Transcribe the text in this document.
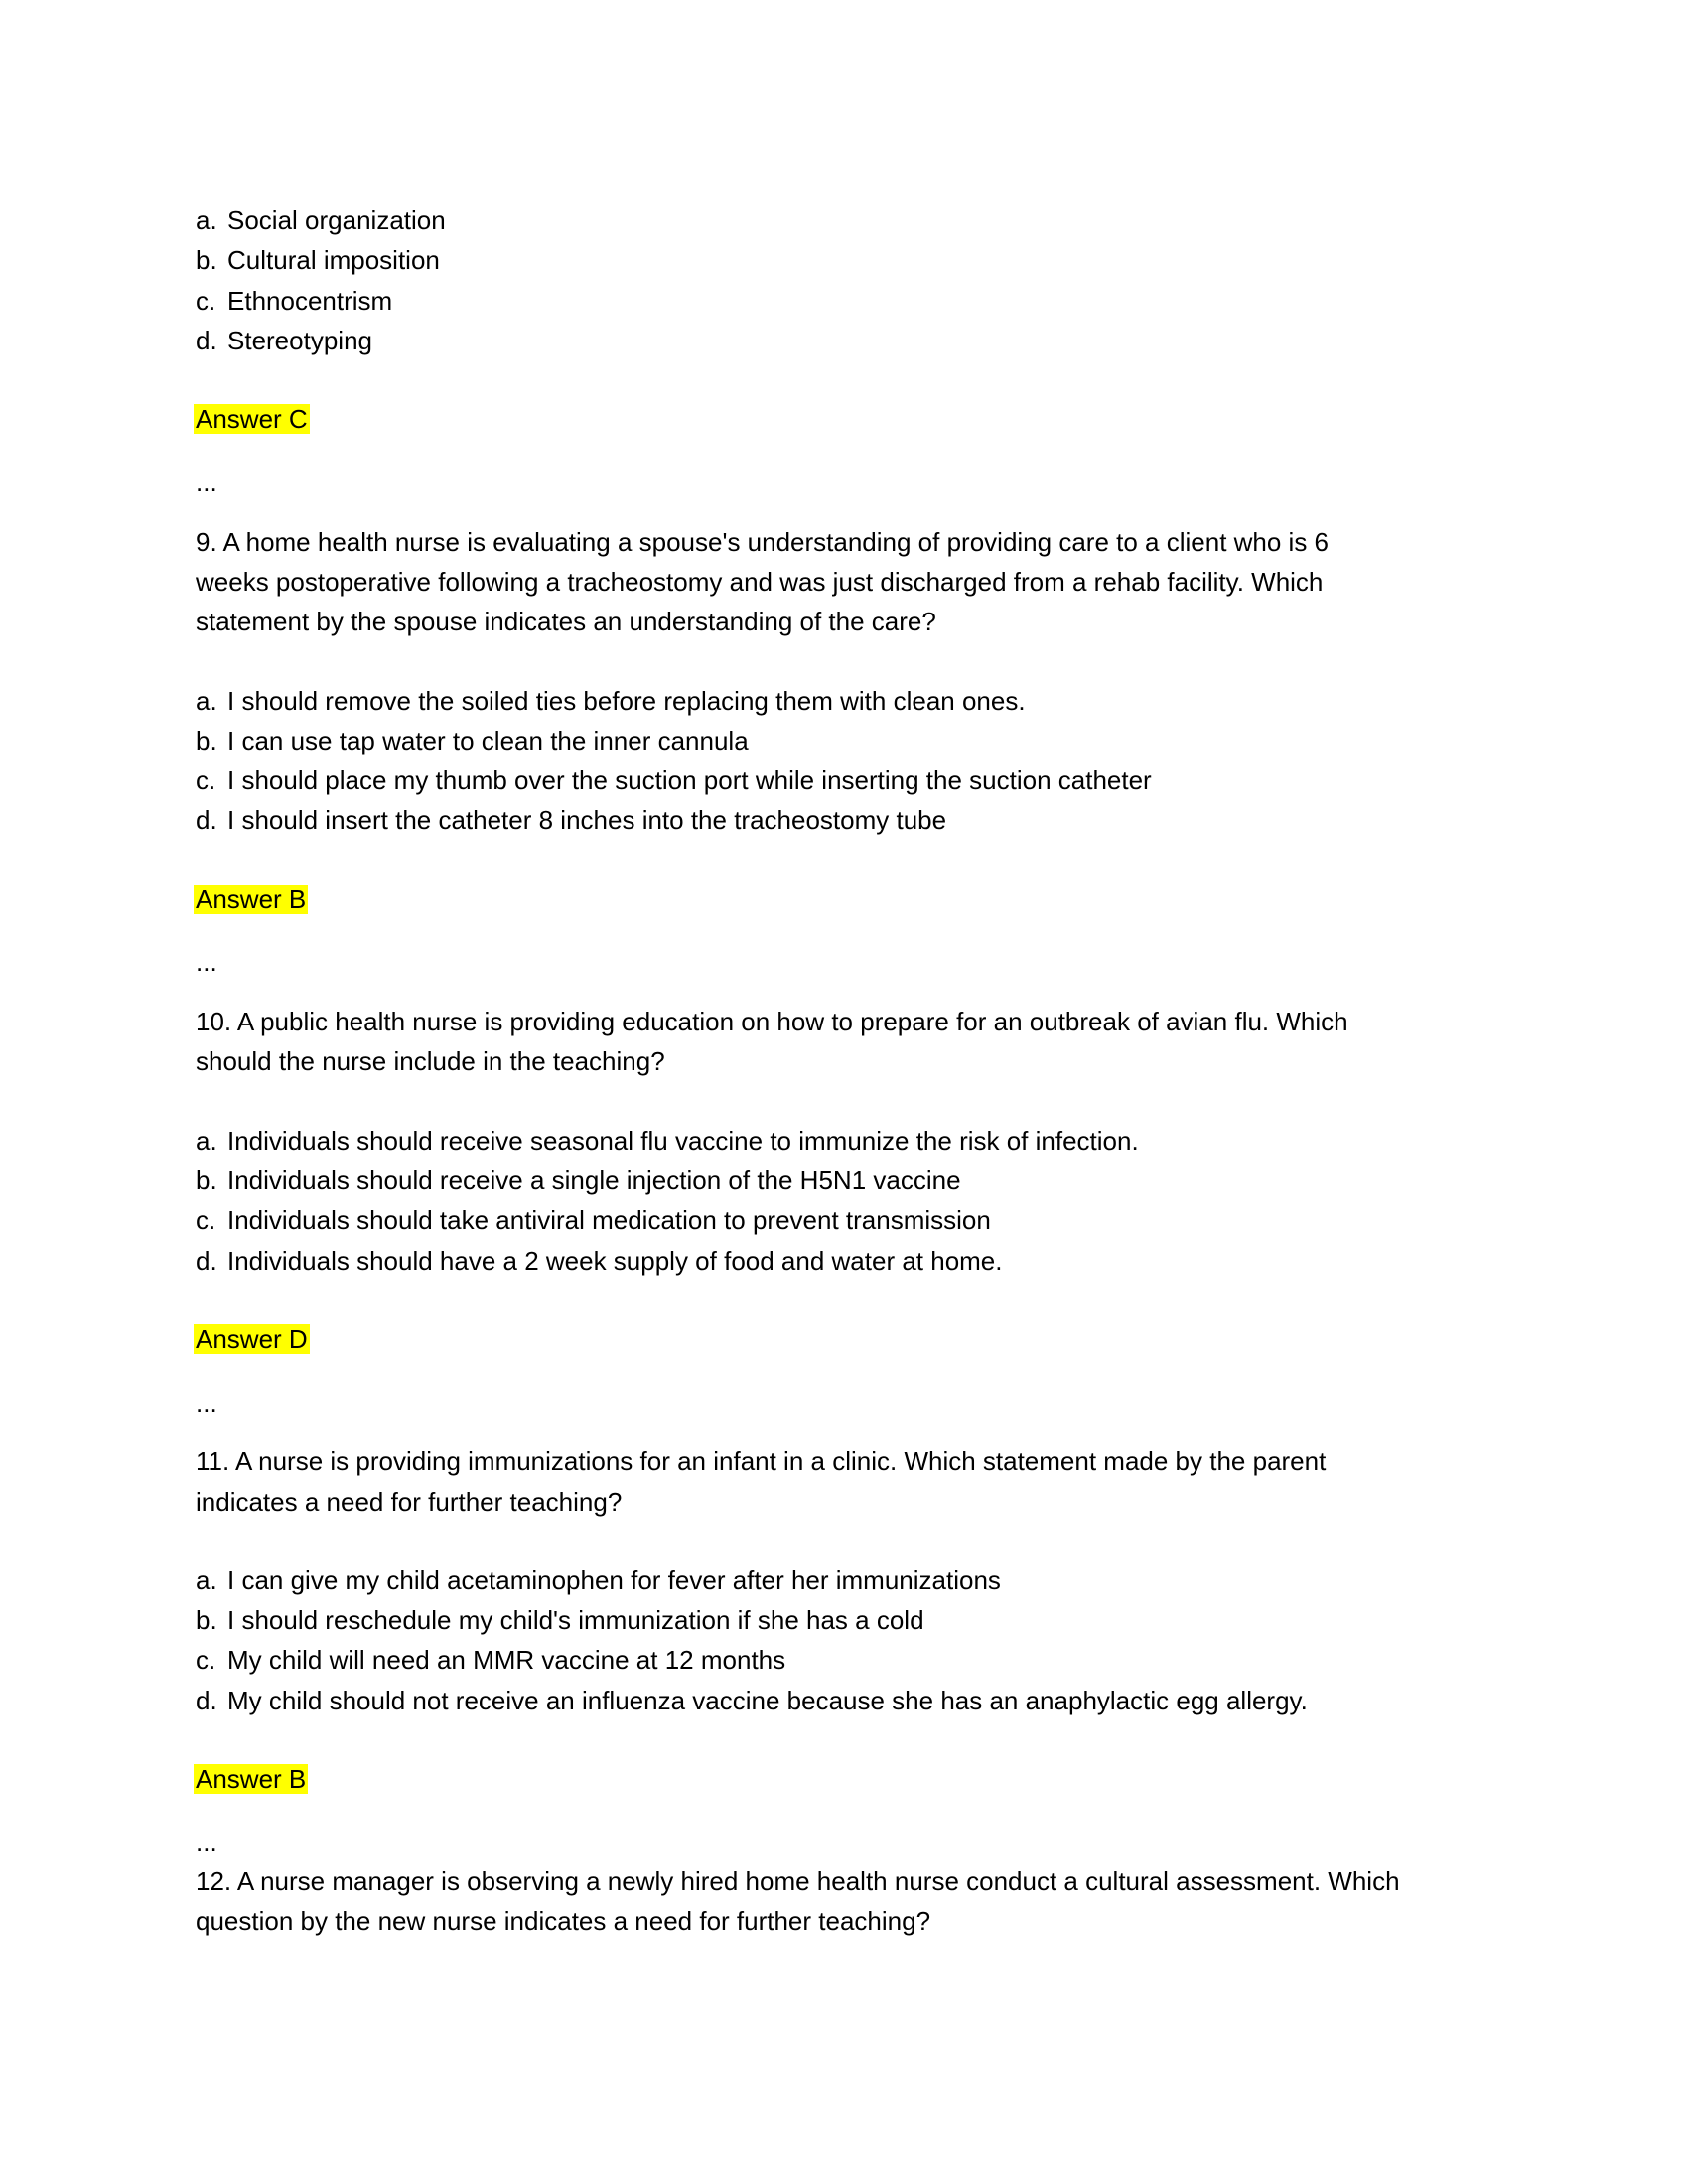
a. Social organization
b. Cultural imposition
c. Ethnocentrism
d. Stereotyping
Answer C
...
9. A home health nurse is evaluating a spouse's understanding of providing care to a client who is 6
weeks postoperative following a tracheostomy and was just discharged from a rehab facility. Which
statement by the spouse indicates an understanding of the care?
a. I should remove the soiled ties before replacing them with clean ones.
b. I can use tap water to clean the inner cannula
c. I should place my thumb over the suction port while inserting the suction catheter
d. I should insert the catheter 8 inches into the tracheostomy tube
Answer B
...
10. A public health nurse is providing education on how to prepare for an outbreak of avian flu. Which
should the nurse include in the teaching?
a. Individuals should receive seasonal flu vaccine to immunize the risk of infection.
b. Individuals should receive a single injection of the H5N1 vaccine
c. Individuals should take antiviral medication to prevent transmission
d. Individuals should have a 2 week supply of food and water at home.
Answer D
...
11. A nurse is providing immunizations for an infant in a clinic. Which statement made by the parent
indicates a need for further teaching?
a. I can give my child acetaminophen for fever after her immunizations
b. I should reschedule my child's immunization if she has a cold
c. My child will need an MMR vaccine at 12 months
d. My child should not receive an influenza vaccine because she has an anaphylactic egg allergy.
Answer B
...
12. A nurse manager is observing a newly hired home health nurse conduct a cultural assessment. Which
question by the new nurse indicates a need for further teaching?
